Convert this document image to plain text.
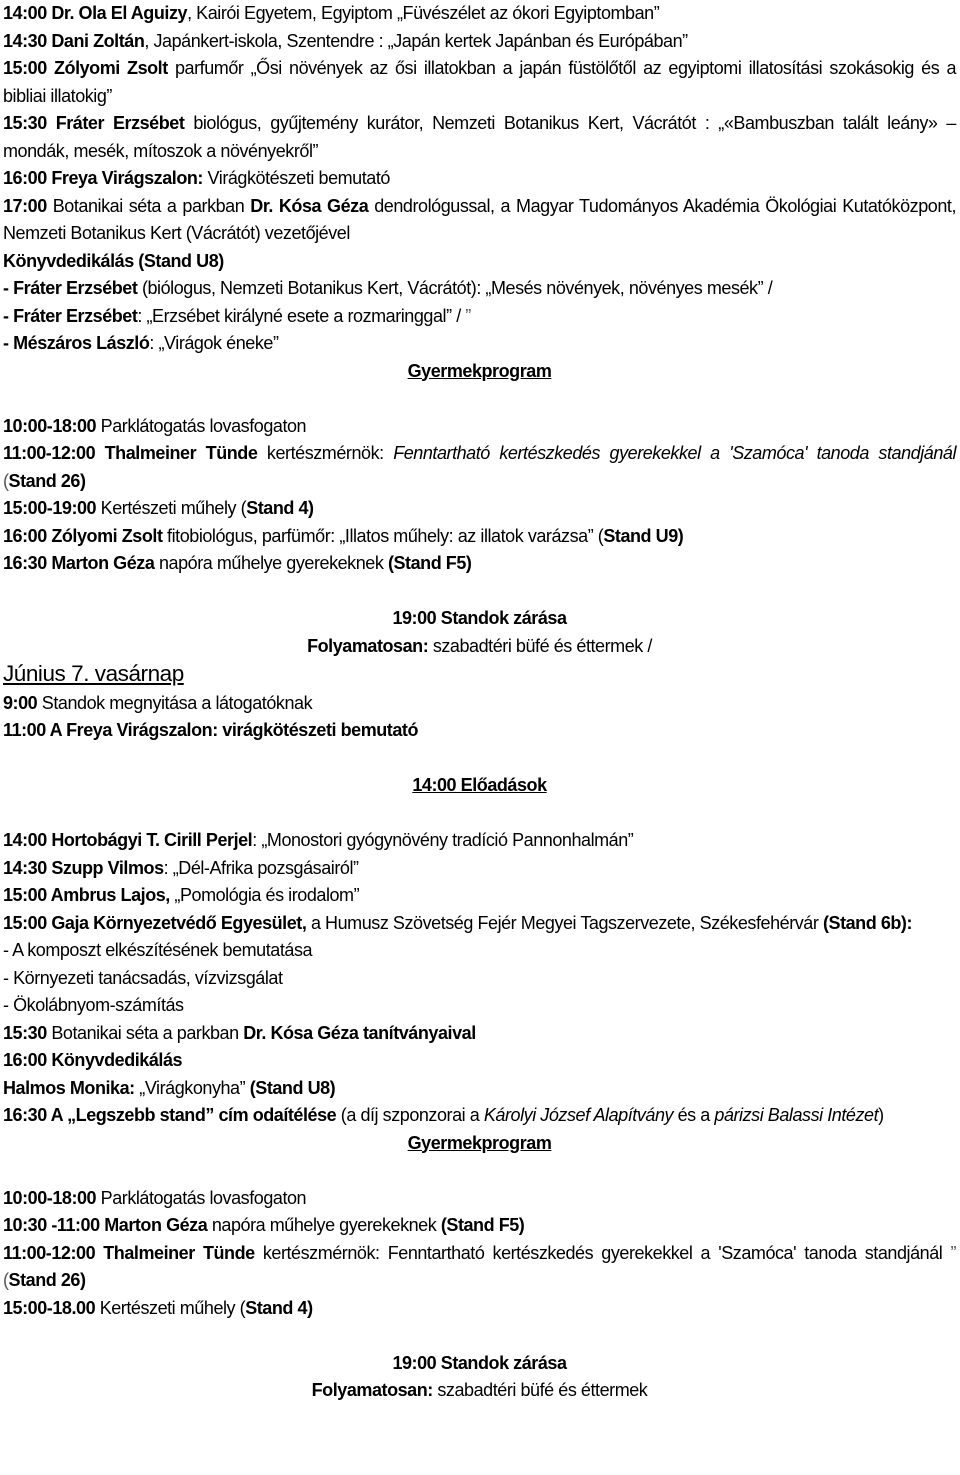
14:00 Dr. Ola El Aguizy, Kairói Egyetem, Egyiptom „Füvészélet az ókori Egyiptomban”

14:30 Dani Zoltán, Japánkert-iskola, Szentendre : „Japán kertek Japánban és Európában”

15:00 Zólyomi Zsolt parfumőr „Ősi növények az ősi illatokban a japán füstölőtől az egyiptomi illatosítási szokásokig és a bibliai illatokig”

15:30 Fráter Erzsébet biológus, gyűjtemény kurátor, Nemzeti Botanikus Kert, Vácrátót : „«Bambuszban talált leány» – mondák, mesék, mítoszok a növényekről”

16:00 Freya Virágszalon: Virágkötészeti bemutató

17:00 Botanikai séta a parkban Dr. Kósa Géza dendrológussal, a Magyar Tudományos Akadémia Ökológiai Kutatóközpont, Nemzeti Botanikus Kert (Vácrátót) vezetőjével

Könyvdedikálás (Stand U8)

- Fráter Erzsébet (biólogus, Nemzeti Botanikus Kert, Vácrátót): „Mesés növények, növényes mesék” /

- Fráter Erzsébet: „Erzsébet királyné esete a rozmaringgal” / ”

- Mészáros László: „Virágok éneke”

Gyermekprogram

10:00-18:00 Parklátogatás lovasfogaton

11:00-12:00 Thalmeiner Tünde kertészmérnök: Fenntartható kertészkedés gyerekekkel a 'Szamóca' tanoda standjánál (Stand 26)

15:00-19:00 Kertészeti műhely (Stand 4)

16:00 Zólyomi Zsolt fitobiológus, parfümőr: „Illatos műhely: az illatok varázsa” (Stand U9)

16:30 Marton Géza napóra műhelye gyerekeknek (Stand F5)

19:00 Standok zárása

Folyamatosan: szabadtéri büfé és éttermek /

Június 7. vasárnap

9:00 Standok megnyitása a látogatóknak

11:00 A Freya Virágszalon: virágkötészeti bemutató

14:00 Előadások

14:00 Hortobágyi T. Cirill Perjel: „Monostori gyógynövény tradíció Pannonhalmán”

14:30 Szupp Vilmos: „Dél-Afrika pozsgásairól”

15:00 Ambrus Lajos, „Pomológia és irodalom”

15:00 Gaja Környezetvédő Egyesület, a Humusz Szövetség Fejér Megyei Tagszervezete, Székesfehérvár (Stand 6b):

- A komposzt elkészítésének bemutatása

- Környezeti tanácsadás, vízvizsgálat

- Ökolábnyom-számítás

15:30 Botanikai séta a parkban Dr. Kósa Géza tanítványaival

16:00 Könyvdedikálás

Halmos Monika: „Virágkonyha” (Stand U8)

16:30 A „Legszebb stand” cím odaítélése (a díj szponzorai a Károlyi József Alapítvány és a párizsi Balassi Intézet)

Gyermekprogram

10:00-18:00 Parklátogatás lovasfogaton

10:30 -11:00 Marton Géza napóra műhelye gyerekeknek (Stand F5)

11:00-12:00 Thalmeiner Tünde kertészmérnök: Fenntartható kertészkedés gyerekekkel a 'Szamóca' tanoda standjánál ” (Stand 26)

15:00-18.00 Kertészeti műhely (Stand 4)

19:00 Standok zárása

Folyamatosan: szabadtéri büfé és éttermek
